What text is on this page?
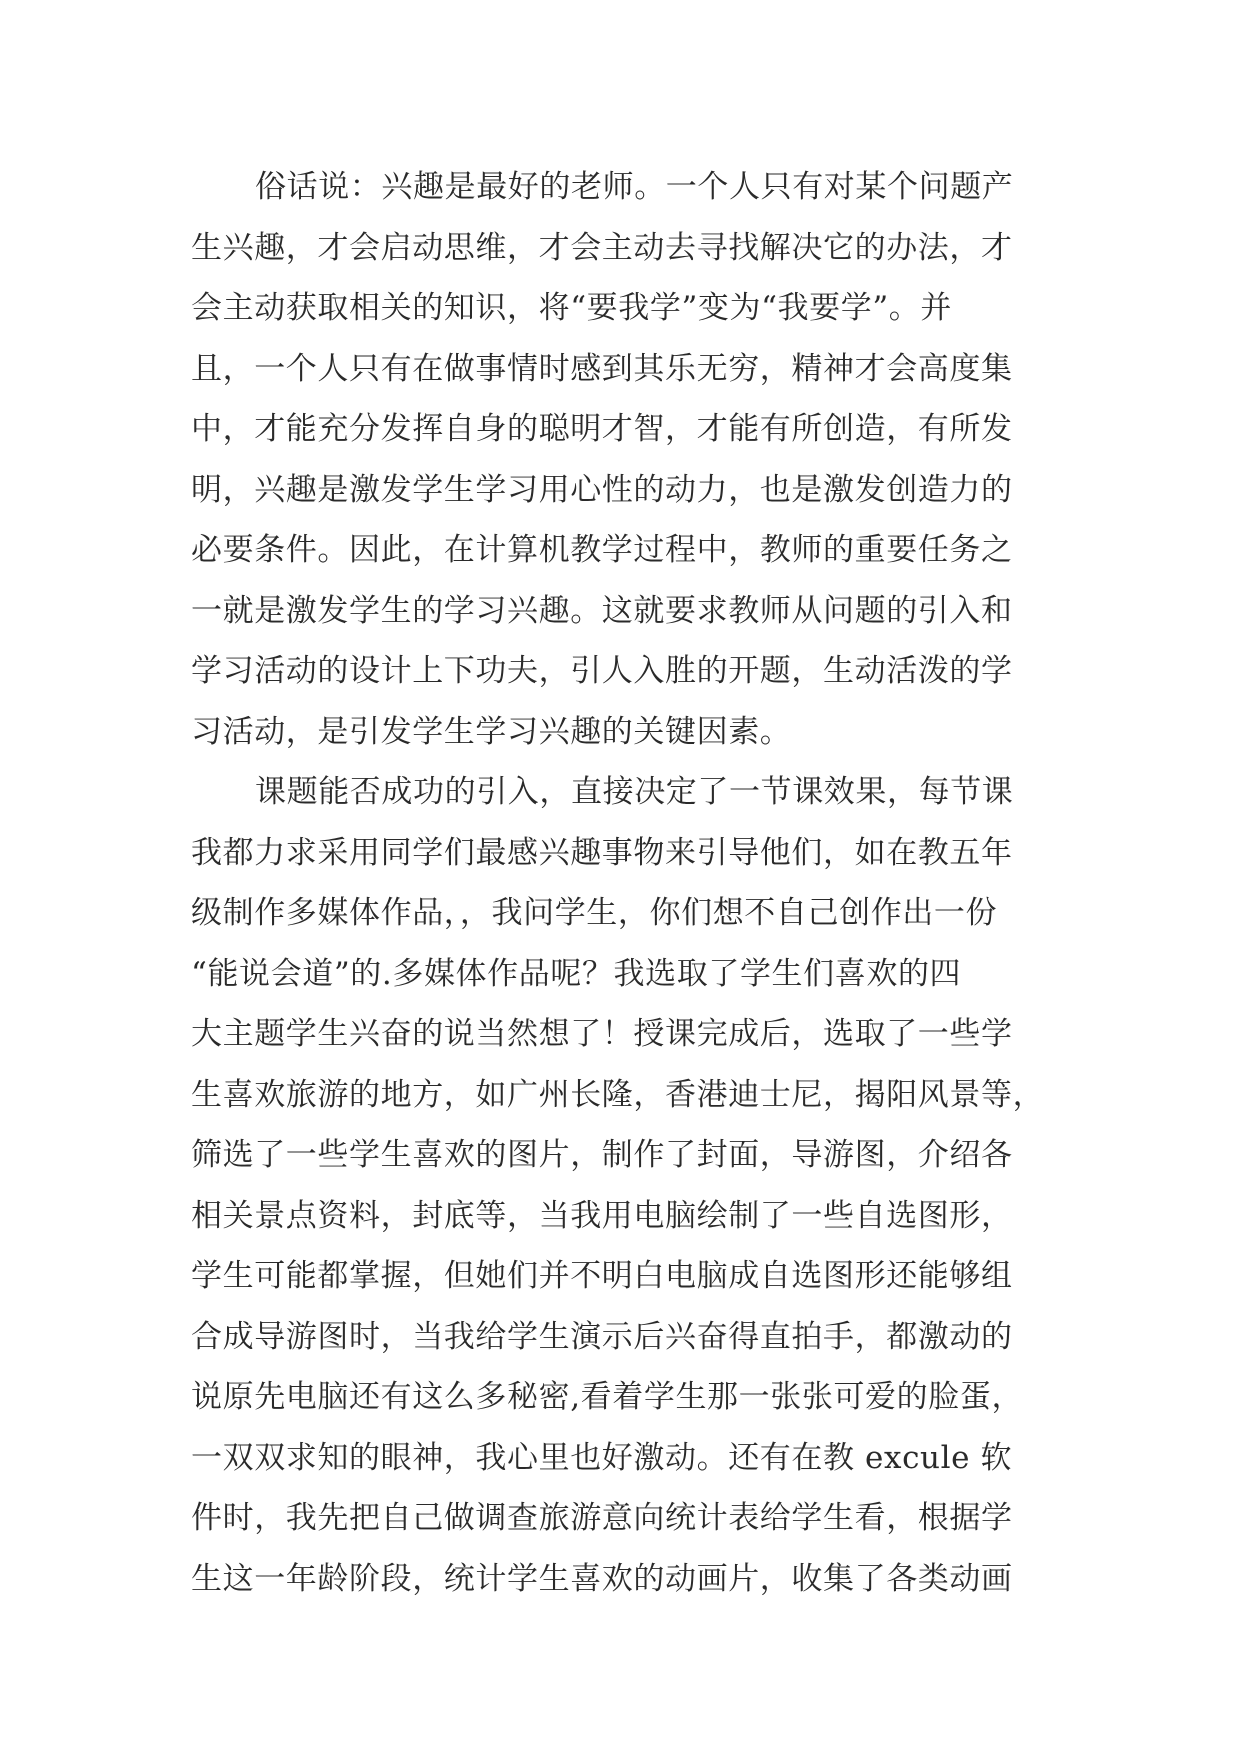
俗话说：兴趣是最好的老师。一个人只有对某个问题产
生兴趣，才会启动思维，才会主动去寻找解决它的办法，才
会主动获取相关的知识，将“要我学”变为“我要学”。并
且，一个人只有在做事情时感到其乐无穷，精神才会高度集
中，才能充分发挥自身的聪明才智，才能有所创造，有所发
明，兴趣是激发学生学习用心性的动力，也是激发创造力的
必要条件。因此，在计算机教学过程中，教师的重要任务之
一就是激发学生的学习兴趣。这就要求教师从问题的引入和
学习活动的设计上下功夫，引人入胜的开题，生动活泼的学
习活动，是引发学生学习兴趣的关键因素。
课题能否成功的引入，直接决定了一节课效果，每节课
我都力求采用同学们最感兴趣事物来引导他们，如在教五年
级制作多媒体作品，，我问学生，你们想不自己创作出一份
“能说会道”的.多媒体作品呢？我选取了学生们喜欢的四
大主题学生兴奋的说当然想了！授课完成后，选取了一些学
生喜欢旅游的地方，如广州长隆，香港迪士尼，揭阳风景等，
筛选了一些学生喜欢的图片，制作了封面，导游图，介绍各
相关景点资料，封底等，当我用电脑绘制了一些自选图形，
学生可能都掌握，但她们并不明白电脑成自选图形还能够组
合成导游图时，当我给学生演示后兴奋得直拍手，都激动的
说原先电脑还有这么多秘密,看着学生那一张张可爱的脸蛋，
一双双求知的眼神，我心里也好激动。还有在教 excule 软
件时，我先把自己做调查旅游意向统计表给学生看，根据学
生这一年龄阶段，统计学生喜欢的动画片，收集了各类动画
